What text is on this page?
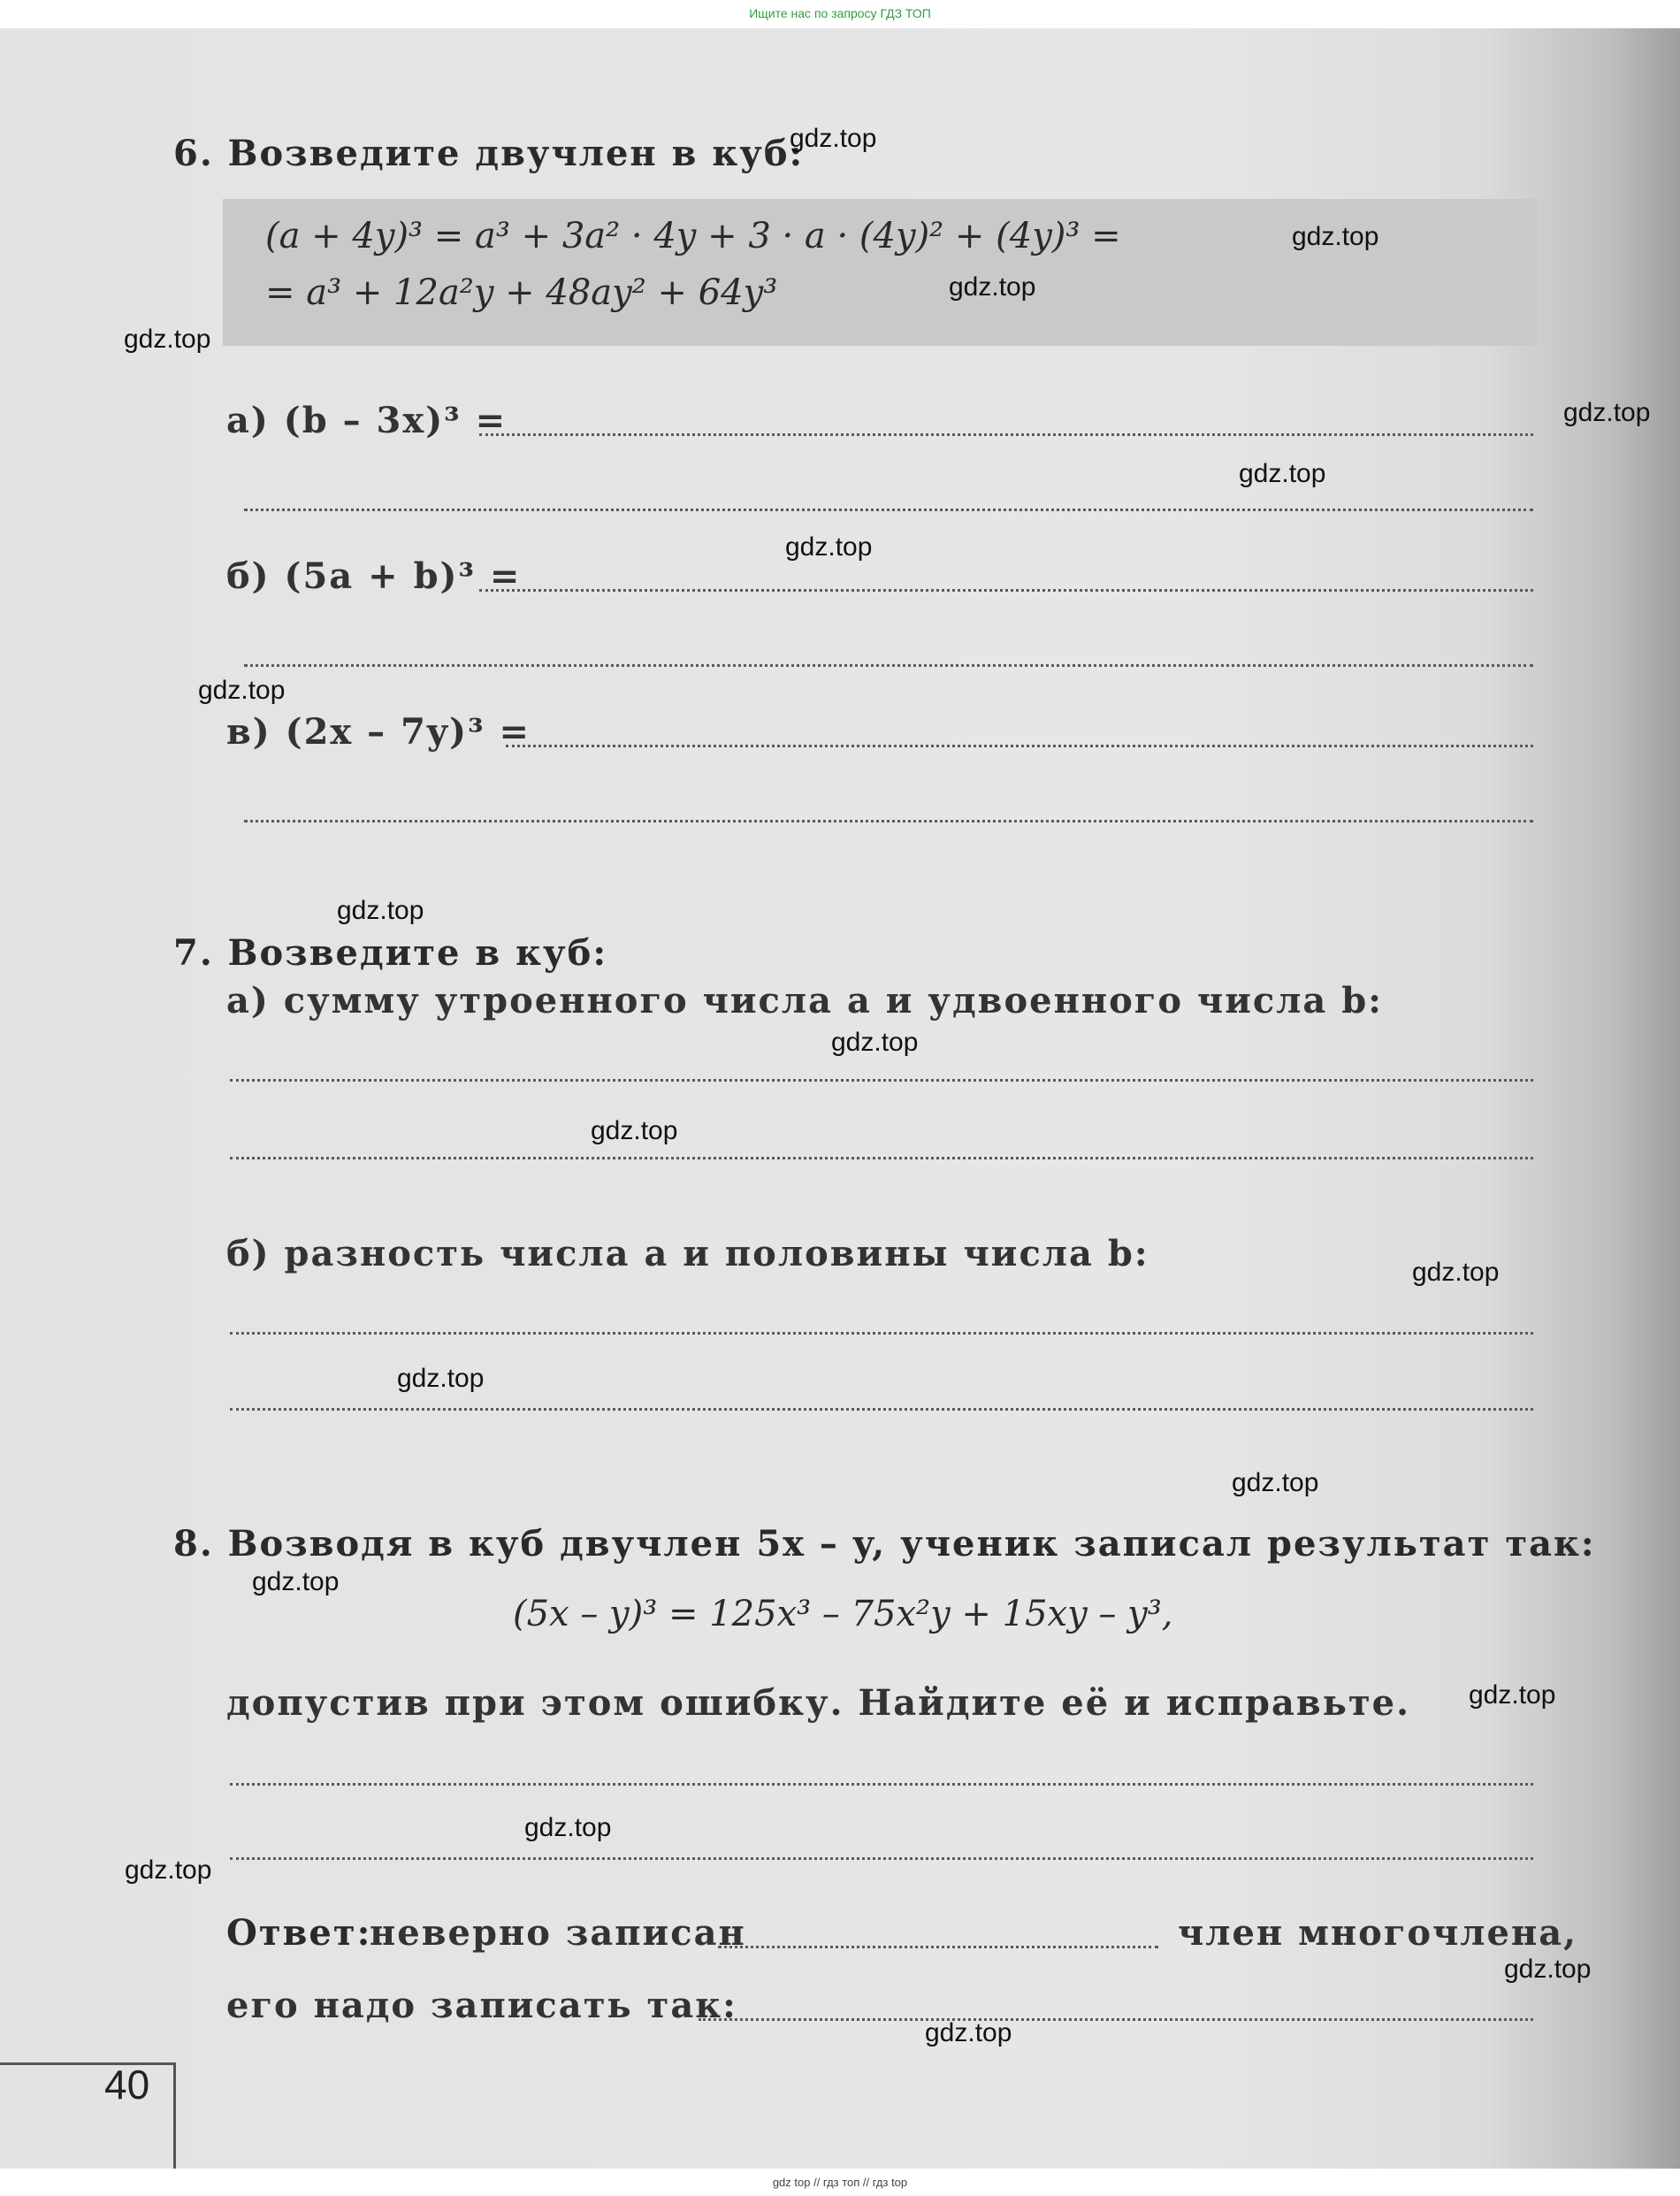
Ищите нас по запросу ГДЗ ТОП
6. Возведите двучлен в куб:
(a + 4y)³ = a³ + 3a² · 4y + 3 · a · (4y)² + (4y)³ =
= a³ + 12a²y + 48ay² + 64y³
а) (b – 3x)³ =
б) (5a + b)³ =
в) (2x – 7y)³ =
7. Возведите в куб:
а) сумму утроенного числа a и удвоенного числа b:
б) разность числа a и половины числа b:
8. Возводя в куб двучлен 5x – y, ученик записал результат так:
(5x – y)³ = 125x³ – 75x²y + 15xy – y³,
допустив при этом ошибку. Найдите её и исправьте.
Ответ:
неверно записан	член многочлена,
его надо записать так:
40
gdz.top
gdz.top
gdz.top
gdz.top
gdz.top
gdz.top
gdz.top
gdz.top
gdz.top
gdz.top
gdz.top
gdz.top
gdz.top
gdz.top
gdz.top
gdz.top
gdz.top
gdz.top
gdz.top
gdz.top
gdz top // гдз топ // гдз top
